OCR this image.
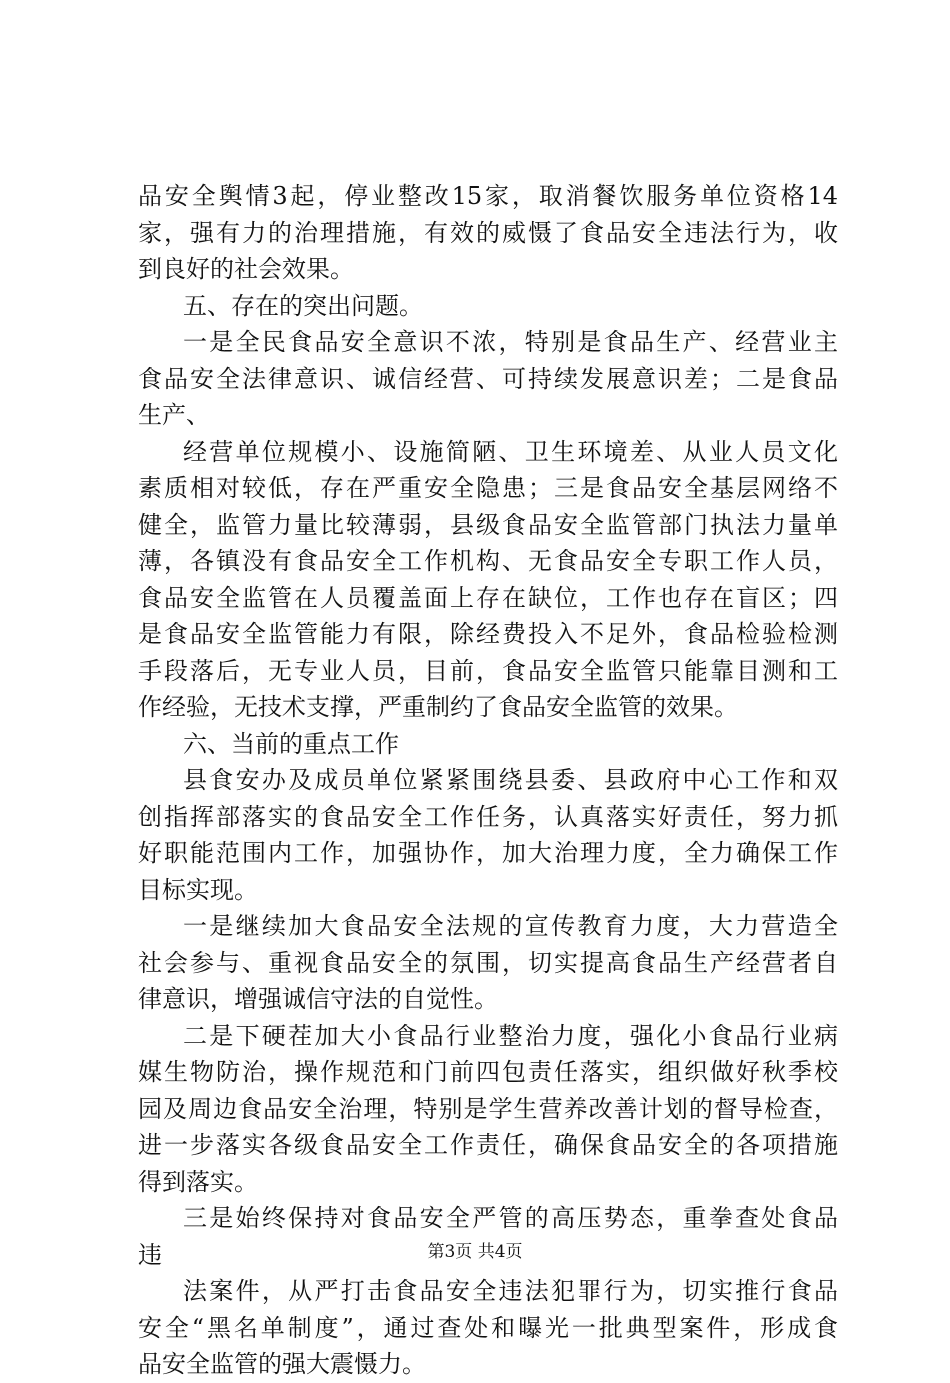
品安全舆情3起，停业整改15家，取消餐饮服务单位资格14
家，强有力的治理措施，有效的威慑了食品安全违法行为，收
到良好的社会效果。
五、存在的突出问题。
一是全民食品安全意识不浓，特别是食品生产、经营业主
食品安全法律意识、诚信经营、可持续发展意识差；二是食品
生产、
经营单位规模小、设施简陋、卫生环境差、从业人员文化
素质相对较低，存在严重安全隐患；三是食品安全基层网络不
健全，监管力量比较薄弱，县级食品安全监管部门执法力量单
薄，各镇没有食品安全工作机构、无食品安全专职工作人员，
食品安全监管在人员覆盖面上存在缺位，工作也存在盲区；四
是食品安全监管能力有限，除经费投入不足外，食品检验检测
手段落后，无专业人员，目前，食品安全监管只能靠目测和工
作经验，无技术支撑，严重制约了食品安全监管的效果。
六、当前的重点工作
县食安办及成员单位紧紧围绕县委、县政府中心工作和双
创指挥部落实的食品安全工作任务，认真落实好责任，努力抓
好职能范围内工作，加强协作，加大治理力度，全力确保工作
目标实现。
一是继续加大食品安全法规的宣传教育力度，大力营造全
社会参与、重视食品安全的氛围，切实提高食品生产经营者自
律意识，增强诚信守法的自觉性。
二是下硬茬加大小食品行业整治力度，强化小食品行业病
媒生物防治，操作规范和门前四包责任落实，组织做好秋季校
园及周边食品安全治理，特别是学生营养改善计划的督导检查，
进一步落实各级食品安全工作责任，确保食品安全的各项措施
得到落实。
三是始终保持对食品安全严管的高压势态，重拳查处食品
违
法案件，从严打击食品安全违法犯罪行为，切实推行食品
安全“黑名单制度”，通过查处和曝光一批典型案件，形成食
品安全监管的强大震慑力。
第3页 共4页
